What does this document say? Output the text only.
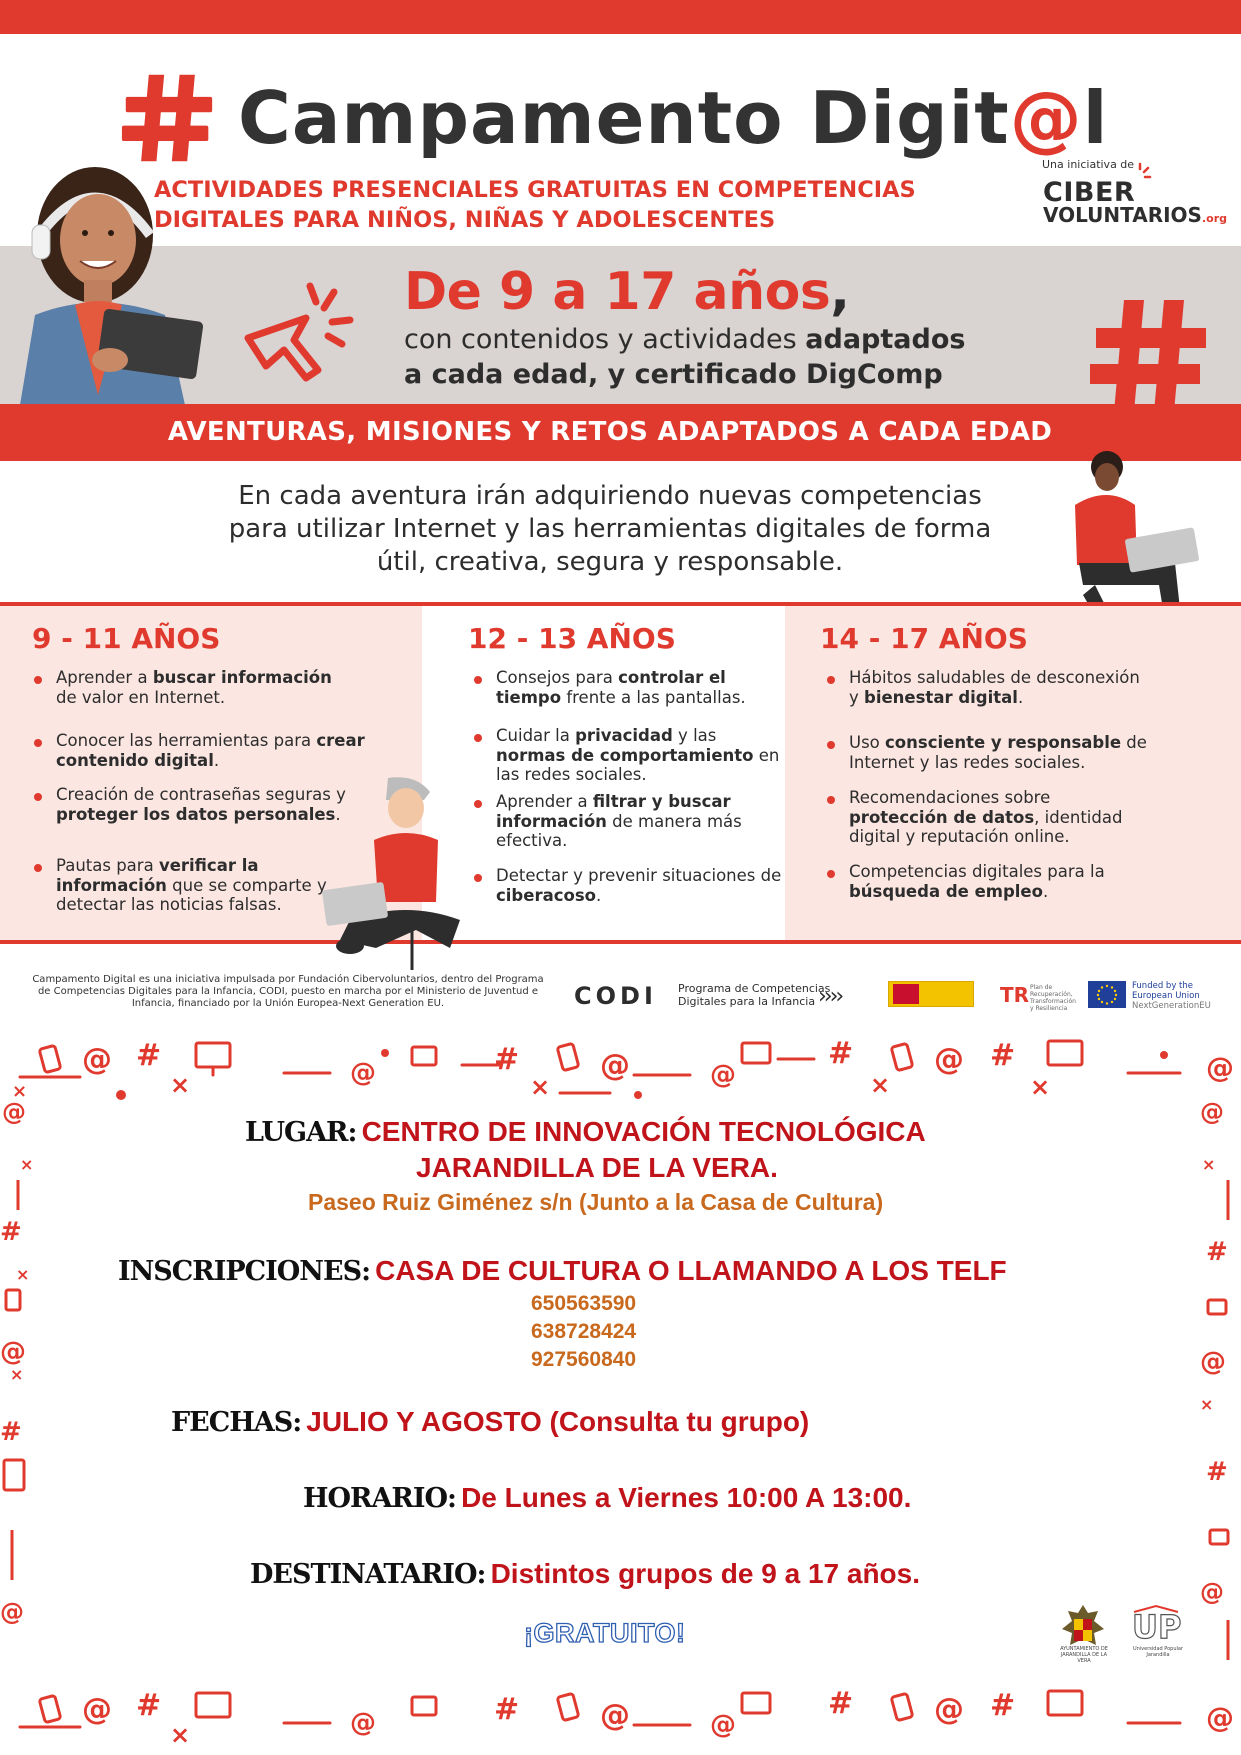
Campamento Digit@l
ACTIVIDADES PRESENCIALES GRATUITAS EN COMPETENCIAS
DIGITALES PARA NIÑOS, NIÑAS Y ADOLESCENTES
Una iniciativa de
CIBER
VOLUNTARIOS.org
De 9 a 17 años,
con contenidos y actividades adaptados
a cada edad, y certificado DigComp
AVENTURAS, MISIONES Y RETOS ADAPTADOS A CADA EDAD
En cada aventura irán adquiriendo nuevas competencias
para utilizar Internet y las herramientas digitales de forma
útil, creativa, segura y responsable.
9 - 11 AÑOS
Aprender a buscar información de valor en Internet.
Conocer las herramientas para crear contenido digital.
Creación de contraseñas seguras y proteger los datos personales.
Pautas para verificar la información que se comparte y detectar las noticias falsas.
12 - 13 AÑOS
Consejos para controlar el tiempo frente a las pantallas.
Cuidar la privacidad y las normas de comportamiento en las redes sociales.
Aprender a filtrar y buscar información de manera más efectiva.
Detectar y prevenir situaciones de ciberacoso.
14 - 17 AÑOS
Hábitos saludables de desconexión y bienestar digital.
Uso consciente y responsable de Internet y las redes sociales.
Recomendaciones sobre protección de datos, identidad digital y reputación online.
Competencias digitales para la búsqueda de empleo.
Campamento Digital es una iniciativa impulsada por Fundación Cibervoluntarios, dentro del Programa de Competencias Digitales para la Infancia, CODI, puesto en marcha por el Ministerio de Juventud e Infancia, financiado por la Unión Europea-Next Generation EU.	CODI Programa de Competencias
Digitales para la Infancia ››››	TR Plan de Recuperación, Transformación y Resiliencia
Funded by the
European Union
NextGenerationEU
@ #
×
×
@	#
×
@	@
#
×
@ #
×
@
@ #
×	@	#	@	@
#	@ #	@
@
×
#
×
@
×
#
@
@
×
#
@
×
#
@
LUGAR: CENTRO DE INNOVACIÓN TECNOLÓGICA
JARANDILLA DE LA VERA.
Paseo Ruiz Giménez s/n (Junto a la Casa de Cultura)
INSCRIPCIONES: CASA DE CULTURA O LLAMANDO A LOS TELF
650563590
638728424
927560840
FECHAS: JULIO Y AGOSTO (Consulta tu grupo)
HORARIO: De Lunes a Viernes 10:00 A 13:00.
DESTINATARIO: Distintos grupos de 9 a 17 años.
¡GRATUITO!
AYUNTAMIENTO DE JARANDILLA DE LA VERA
UP
Universidad Popular Jarandilla
